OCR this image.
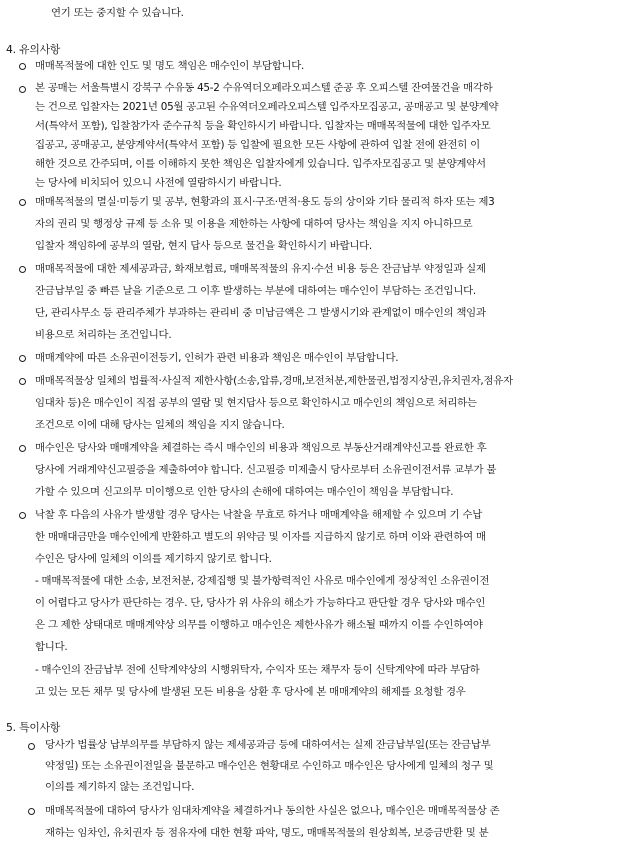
연기 또는 중지할 수 있습니다.
4. 유의사항
매매목적물에 대한 인도 및 명도 책임은 매수인이 부담합니다.
본 공매는 서울특별시 강북구 수유동 45-2 수유역더오페라오피스텔 준공 후 오피스텔 잔여물건을 매각하
는 건으로 입찰자는 2021년 05월 공고된 수유역더오페라오피스텔 입주자모집공고, 공매공고 및 분양계약
서(특약서 포함), 입찰참가자 준수규칙 등을 확인하시기 바랍니다. 입찰자는 매매목적물에 대한 입주자모
집공고, 공매공고, 분양계약서(특약서 포함) 등 입찰에 필요한 모든 사항에 관하여 입찰 전에 완전히 이
해한 것으로 간주되며, 이를 이해하지 못한 책임은 입찰자에게 있습니다. 입주자모집공고 및 분양계약서
는 당사에 비치되어 있으니 사전에 열람하시기 바랍니다.
매매목적물의 멸실·미등기 및 공부, 현황과의 표시·구조·면적·용도 등의 상이와 기타 물리적 하자 또는 제3
자의 권리 및 행정상 규제 등 소유 및 이용을 제한하는 사항에 대하여 당사는 책임을 지지 아니하므로
입찰자 책임하에 공부의 열람, 현지 답사 등으로 물건을 확인하시기 바랍니다.
매매목적물에 대한 제세공과금, 화재보험료, 매매목적물의 유지·수선 비용 등은 잔금납부 약정일과 실제
잔금납부일 중 빠른 날을 기준으로 그 이후 발생하는 부분에 대하여는 매수인이 부담하는 조건입니다.
단, 관리사무소 등 관리주체가 부과하는 관리비 중 미납금액은 그 발생시기와 관계없이 매수인의 책임과
비용으로 처리하는 조건입니다.
매매계약에 따른 소유권이전등기, 인허가 관련 비용과 책임은 매수인이 부담합니다.
매매목적물상 일체의 법률적·사실적 제한사항(소송,압류,경매,보전처분,제한물권,법정지상권,유치권자,점유자
임대차 등)은 매수인이 직접 공부의 열람 및 현지답사 등으로 확인하시고 매수인의 책임으로 처리하는
조건으로 이에 대해 당사는 일체의 책임을 지지 않습니다.
매수인은 당사와 매매계약을 체결하는 즉시 매수인의 비용과 책임으로 부동산거래계약신고를 완료한 후
당사에 거래계약신고필증을 제출하여야 합니다. 신고필증 미제출시 당사로부터 소유권이전서류 교부가 불
가할 수 있으며 신고의무 미이행으로 인한 당사의 손해에 대하여는 매수인이 책임을 부담합니다.
낙찰 후 다음의 사유가 발생할 경우 당사는 낙찰을 무효로 하거나 매매계약을 해제할 수 있으며 기 수납
한 매매대금만을 매수인에게 반환하고 별도의 위약금 및 이자를 지급하지 않기로 하며 이와 관련하여 매
수인은 당사에 일체의 이의를 제기하지 않기로 합니다.
- 매매목적물에 대한 소송, 보전처분, 강제집행 및 불가항력적인 사유로 매수인에게 정상적인 소유권이전
이 어렵다고 당사가 판단하는 경우. 단, 당사가 위 사유의 해소가 가능하다고 판단할 경우 당사와 매수인
은 그 제한 상태대로 매매계약상 의무를 이행하고 매수인은 제한사유가 해소될 때까지 이를 수인하여야
합니다.
- 매수인의 잔금납부 전에 신탁계약상의 시행위탁자, 수익자 또는 채무자 등이 신탁계약에 따라 부담하
고 있는 모든 채무 및 당사에 발생된 모든 비용을 상환 후 당사에 본 매매계약의 해제를 요청할 경우
5. 특이사항
당사가 법률상 납부의무를 부담하지 않는 제세공과금 등에 대하여서는 실제 잔금납부일(또는 잔금납부
약정일) 또는 소유권이전일을 불문하고 매수인은 현황대로 수인하고 매수인은 당사에게 일체의 청구 및
이의를 제기하지 않는 조건입니다.
매매목적물에 대하여 당사가 임대차계약을 체결하거나 동의한 사실은 없으나, 매수인은 매매목적물상 존
재하는 임차인, 유치권자 등 점유자에 대한 현황 파악, 명도, 매매목적물의 원상회복, 보증금반환 및 분
